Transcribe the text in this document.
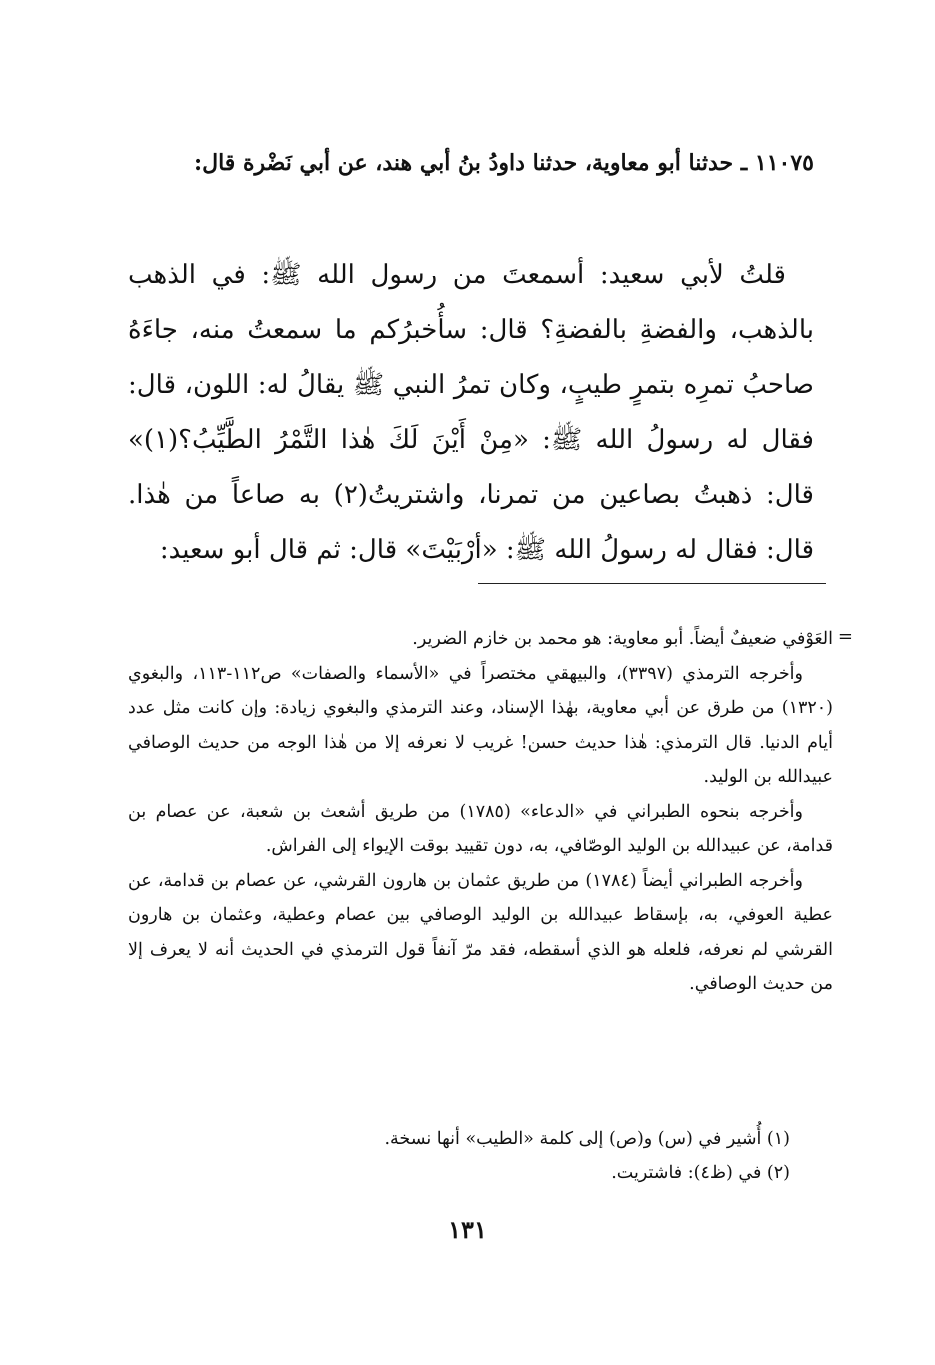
١١٠٧٥ ـ حدثنا أبو معاوية، حدثنا داودُ بنُ أبي هند، عن أبي نَضْرة قال:

قلتُ لأبي سعيد: أسمعتَ من رسول الله ﷺ: في الذهب بالذهب، والفضةِ بالفضةِ؟ قال: سأُخبرُكم ما سمعتُ منه، جاءَهُ صاحبُ تمرِه بتمرٍ طيبٍ، وكان تمرُ النبي ﷺ يقالُ له: اللون، قال: فقال له رسولُ الله ﷺ: «مِنْ أَيْنَ لَكَ هٰذا التَّمْرُ الطَّيِّبُ؟(١)» قال: ذهبتُ بصاعين من تمرنا، واشتريتُ(٢) به صاعاً من هٰذا. قال: فقال له رسولُ الله ﷺ: «أرْبَيْتَ» قال: ثم قال أبو سعيد:

=

العَوْفي ضعيفٌ أيضاً. أبو معاوية: هو محمد بن خازم الضرير.

وأخرجه الترمذي (٣٣٩٧)، والبيهقي مختصراً في «الأسماء والصفات» ص١١٢-١١٣، والبغوي (١٣٢٠) من طرق عن أبي معاوية، بهٰذا الإسناد، وعند الترمذي والبغوي زيادة: وإن كانت مثل عدد أيام الدنيا. قال الترمذي: هٰذا حديث حسن! غريب لا نعرفه إلا من هٰذا الوجه من حديث الوصافي عبيدالله بن الوليد.

وأخرجه بنحوه الطبراني في «الدعاء» (١٧٨٥) من طريق أشعث بن شعبة، عن عصام بن قدامة، عن عبيدالله بن الوليد الوصّافي، به، دون تقييد بوقت الإيواء إلى الفراش.

وأخرجه الطبراني أيضاً (١٧٨٤) من طريق عثمان بن هارون القرشي، عن عصام بن قدامة، عن عطية العوفي، به، بإسقاط عبيدالله بن الوليد الوصافي بين عصام وعطية، وعثمان بن هارون القرشي لم نعرفه، فلعله هو الذي أسقطه، فقد مرّ آنفاً قول الترمذي في الحديث أنه لا يعرف إلا من حديث الوصافي.

(١) أُشير في (س) و(ص) إلى كلمة «الطيب» أنها نسخة.

(٢) في (ظ٤): فاشتريت.

١٣١
